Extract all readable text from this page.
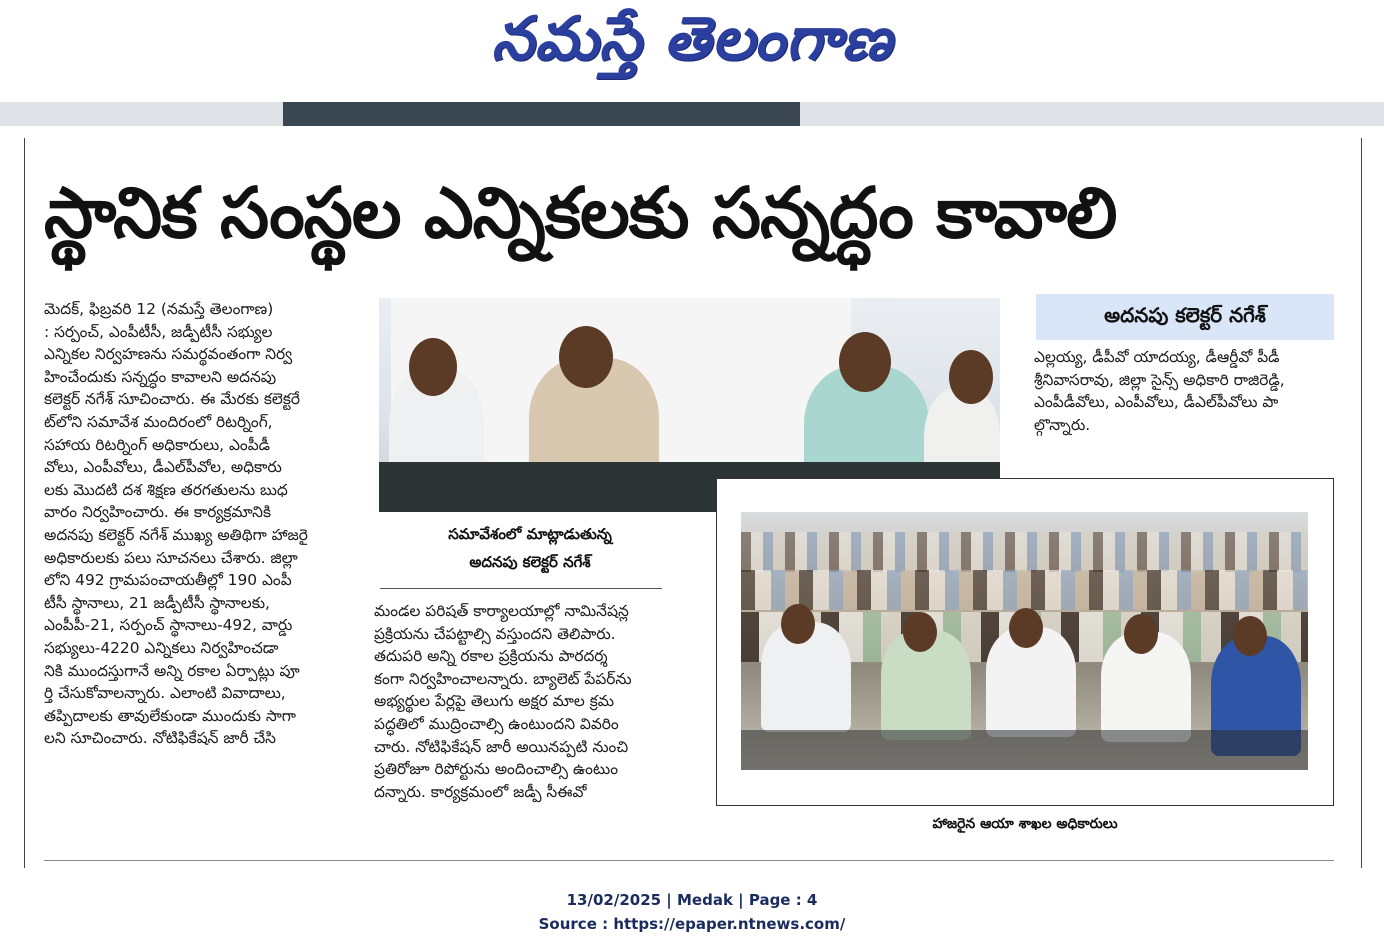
నమస్తే తెలంగాణ
స్థానిక సంస్థల ఎన్నికలకు సన్నద్ధం కావాలి

మెదక్, ఫిబ్రవరి 12 (నమస్తే తెలంగాణ)

: సర్పంచ్, ఎంపీటీసీ, జడ్పీటీసీ సభ్యుల

ఎన్నికల నిర్వహణను సమర్థవంతంగా నిర్వ

హించేందుకు సన్నద్ధం కావాలని అదనపు

కలెక్టర్ నగేశ్ సూచించారు. ఈ మేరకు కలెక్టరే

ట్‌లోని సమావేశ మందిరంలో రిటర్నింగ్,

సహాయ రిటర్నింగ్ అధికారులు, ఎంపీడీ

వోలు, ఎంపీవోలు, డీఎల్‌పీవోల, అధికారు

లకు మొదటి దశ శిక్షణ తరగతులను బుధ

వారం నిర్వహించారు. ఈ కార్యక్రమానికి

అదనపు కలెక్టర్ నగేశ్ ముఖ్య అతిథిగా హాజరై

అధికారులకు పలు సూచనలు చేశారు. జిల్లా

లోని 492 గ్రామపంచాయతీల్లో 190 ఎంపీ

టీసీ స్థానాలు, 21 జడ్పీటీసీ స్థానాలకు,

ఎంపీపీ-21, సర్పంచ్ స్థానాలు-492, వార్డు

సభ్యులు-4220 ఎన్నికలు నిర్వహించడా

నికి ముందస్తుగానే అన్ని రకాల ఏర్పాట్లు పూ

ర్తి చేసుకోవాలన్నారు. ఎలాంటి వివాదాలు,

తప్పిదాలకు తావులేకుండా ముందుకు సాగా

లని సూచించారు. నోటిఫికేషన్ జారీ చేసి

సమావేశంలో మాట్లాడుతున్న
అదనపు కలెక్టర్ నగేశ్

మండల పరిషత్ కార్యాలయాల్లో నామినేషన్ల

ప్రక్రియను చేపట్టాల్సి వస్తుందని తెలిపారు.

తదుపరి అన్ని రకాల ప్రక్రియను పారదర్శ

కంగా నిర్వహించాలన్నారు. బ్యాలెట్ పేపర్‌ను

అభ్యర్థుల పేర్లపై తెలుగు అక్షర మాల క్రమ

పద్ధతిలో ముద్రించాల్సి ఉంటుందని వివరిం

చారు. నోటిఫికేషన్ జారీ అయినప్పటి నుంచి

ప్రతిరోజూ రిపోర్టును అందించాల్సి ఉంటుం

దన్నారు. కార్యక్రమంలో జడ్పీ సీఈవో

అదనపు కలెక్టర్ నగేశ్

ఎల్లయ్య, డీపీవో యాదయ్య, డీఆర్డీవో పీడీ

శ్రీనివాసరావు, జిల్లా సైన్స్ అధికారి రాజిరెడ్డి,

ఎంపీడీవోలు, ఎంపీవోలు, డీఎల్‌పీవోలు పా

ల్గొన్నారు.

హాజరైన ఆయా శాఖల అధికారులు
13/02/2025 | Medak | Page : 4
Source : https://epaper.ntnews.com/
